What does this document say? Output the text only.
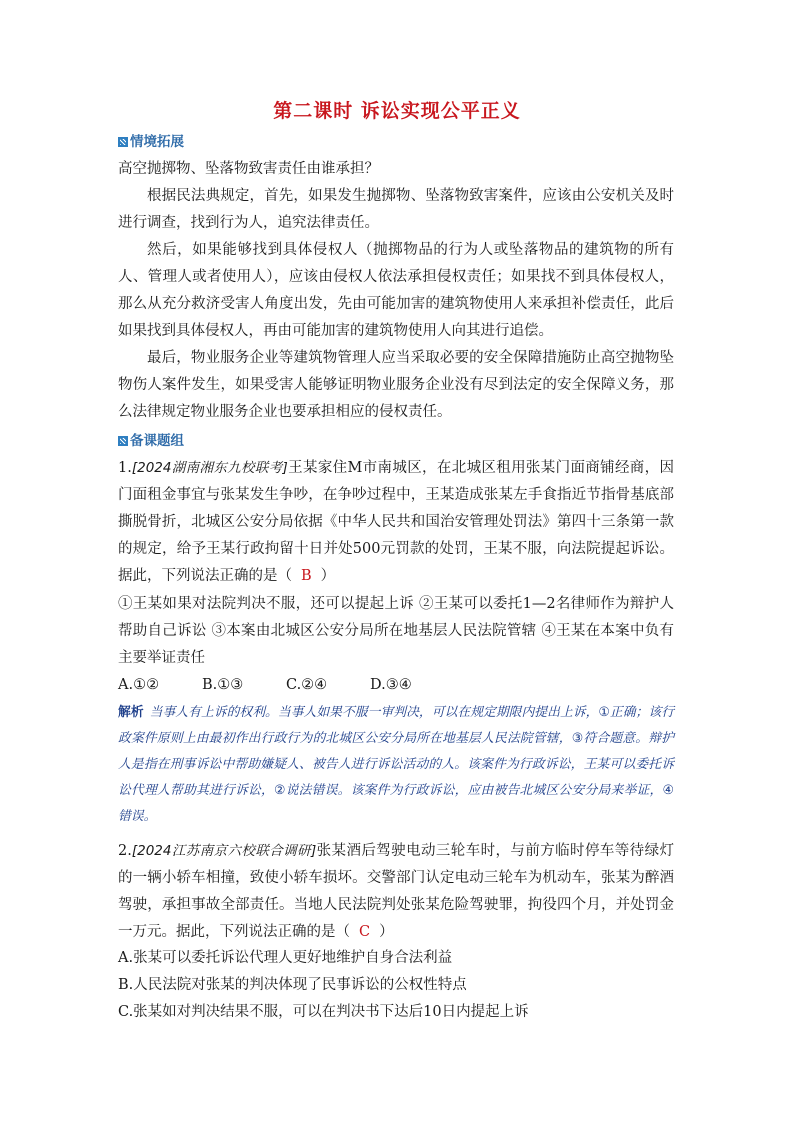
第二课时 诉讼实现公平正义
情境拓展

高空抛掷物、坠落物致害责任由谁承担？

根据民法典规定，首先，如果发生抛掷物、坠落物致害案件，应该由公安机关及时进行调查，找到行为人，追究法律责任。

然后，如果能够找到具体侵权人（抛掷物品的行为人或坠落物品的建筑物的所有人、管理人或者使用人），应该由侵权人依法承担侵权责任；如果找不到具体侵权人，那么从充分救济受害人角度出发，先由可能加害的建筑物使用人来承担补偿责任，此后如果找到具体侵权人，再由可能加害的建筑物使用人向其进行追偿。

最后，物业服务企业等建筑物管理人应当采取必要的安全保障措施防止高空抛物坠物伤人案件发生，如果受害人能够证明物业服务企业没有尽到法定的安全保障义务，那么法律规定物业服务企业也要承担相应的侵权责任。

备课题组

1.[2024湖南湘东九校联考]王某家住M市南城区，在北城区租用张某门面商铺经商，因门面租金事宜与张某发生争吵，在争吵过程中，王某造成张某左手食指近节指骨基底部撕脱骨折，北城区公安分局依据《中华人民共和国治安管理处罚法》第四十三条第一款的规定，给予王某行政拘留十日并处500元罚款的处罚，王某不服，向法院提起诉讼。据此，下列说法正确的是（ B ）

①王某如果对法院判决不服，还可以提起上诉 ②王某可以委托1—2名律师作为辩护人帮助自己诉讼 ③本案由北城区公安分局所在地基层人民法院管辖 ④王某在本案中负有主要举证责任

A.①②	B.①③	C.②④	D.③④

解析 当事人有上诉的权利。当事人如果不服一审判决，可以在规定期限内提出上诉，①正确；该行政案件原则上由最初作出行政行为的北城区公安分局所在地基层人民法院管辖，③符合题意。辩护人是指在刑事诉讼中帮助嫌疑人、被告人进行诉讼活动的人。该案件为行政诉讼，王某可以委托诉讼代理人帮助其进行诉讼，②说法错误。该案件为行政诉讼，应由被告北城区公安分局来举证，④错误。

2.[2024江苏南京六校联合调研]张某酒后驾驶电动三轮车时，与前方临时停车等待绿灯的一辆小轿车相撞，致使小轿车损坏。交警部门认定电动三轮车为机动车，张某为醉酒驾驶，承担事故全部责任。当地人民法院判处张某危险驾驶罪，拘役四个月，并处罚金一万元。据此，下列说法正确的是（ C ）

A.张某可以委托诉讼代理人更好地维护自身合法利益

B.人民法院对张某的判决体现了民事诉讼的公权性特点

C.张某如对判决结果不服，可以在判决书下达后10日内提起上诉
